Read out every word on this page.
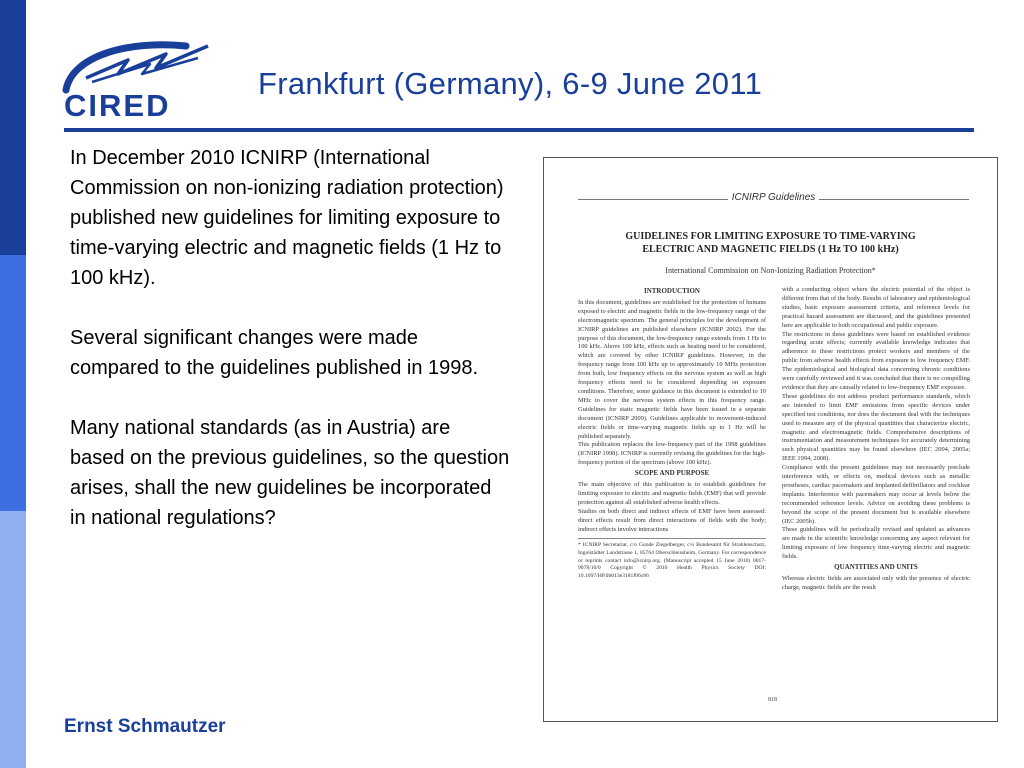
CIRED
Frankfurt (Germany), 6-9 June 2011

In December 2010 ICNIRP (International Commission on non-ionizing radiation protection) published new guidelines for limiting exposure to time-varying electric and magnetic fields (1 Hz to 100 kHz).

Several significant changes were made compared to the guidelines published in 1998.

Many national standards (as in Austria) are based on the previous guidelines, so the question arises, shall the new guidelines be incorporated in national regulations?

ICNIRP Guidelines
GUIDELINES FOR LIMITING EXPOSURE TO TIME-VARYING
ELECTRIC AND MAGNETIC FIELDS (1 Hz TO 100 kHz)
International Commission on Non-Ionizing Radiation Protection*
INTRODUCTION
In this document, guidelines are established for the protection of humans exposed to electric and magnetic fields in the low-frequency range of the electromagnetic spectrum. The general principles for the development of ICNIRP guidelines are published elsewhere (ICNIRP 2002). For the purpose of this document, the low-frequency range extends from 1 Hz to 100 kHz. Above 100 kHz, effects such as heating need to be considered, which are covered by other ICNIRP guidelines. However, in the frequency range from 100 kHz up to approximately 10 MHz protection from both, low frequency effects on the nervous system as well as high frequency effects need to be considered depending on exposure conditions. Therefore, some guidance in this document is extended to 10 MHz to cover the nervous system effects in this frequency range. Guidelines for static magnetic fields have been issued in a separate document (ICNIRP 2009). Guidelines applicable to movement-induced electric fields or time-varying magnetic fields up to 1 Hz will be published separately.
This publication replaces the low-frequency part of the 1998 guidelines (ICNIRP 1998). ICNIRP is currently revising the guidelines for the high-frequency portion of the spectrum (above 100 kHz).
SCOPE AND PURPOSE
The main objective of this publication is to establish guidelines for limiting exposure to electric and magnetic fields (EMF) that will provide protection against all established adverse health effects.
Studies on both direct and indirect effects of EMF have been assessed: direct effects result from direct interactions of fields with the body; indirect effects involve interactions
* ICNIRP Secretariat, c/o Gunde Ziegelberger, c/o Bundesamt für Strahlenschutz, Ingolstädter Landstrasse 1, 85764 Oberschleissheim, Germany. For correspondence or reprints contact info@icnirp.org. (Manuscript accepted 15 June 2010) 0017-9078/10/0 Copyright © 2010 Health Physics Society DOI: 10.1097/HP.0b013e3181f06c86
with a conducting object where the electric potential of the object is different from that of the body. Results of laboratory and epidemiological studies, basic exposure assessment criteria, and reference levels for practical hazard assessment are discussed, and the guidelines presented here are applicable to both occupational and public exposure.
The restrictions in these guidelines were based on established evidence regarding acute effects; currently available knowledge indicates that adherence to these restrictions protect workers and members of the public from adverse health effects from exposure to low frequency EMF. The epidemiological and biological data concerning chronic conditions were carefully reviewed and it was concluded that there is no compelling evidence that they are causally related to low-frequency EMF exposure.
These guidelines do not address product performance standards, which are intended to limit EMF emissions from specific devices under specified test conditions, nor does the document deal with the techniques used to measure any of the physical quantities that characterize electric, magnetic and electromagnetic fields. Comprehensive descriptions of instrumentation and measurement techniques for accurately determining such physical quantities may be found elsewhere (IEC 2004, 2005a; IEEE 1994, 2008).
Compliance with the present guidelines may not necessarily preclude interference with, or effects on, medical devices such as metallic prostheses, cardiac pacemakers and implanted defibrillators and cochlear implants. Interference with pacemakers may occur at levels below the recommended reference levels. Advice on avoiding these problems is beyond the scope of the present document but is available elsewhere (IEC 2005b).
These guidelines will be periodically revised and updated as advances are made in the scientific knowledge concerning any aspect relevant for limiting exposure of low frequency time-varying electric and magnetic fields.
QUANTITIES AND UNITS
Whereas electric fields are associated only with the presence of electric charge, magnetic fields are the result
818
Ernst Schmautzer
